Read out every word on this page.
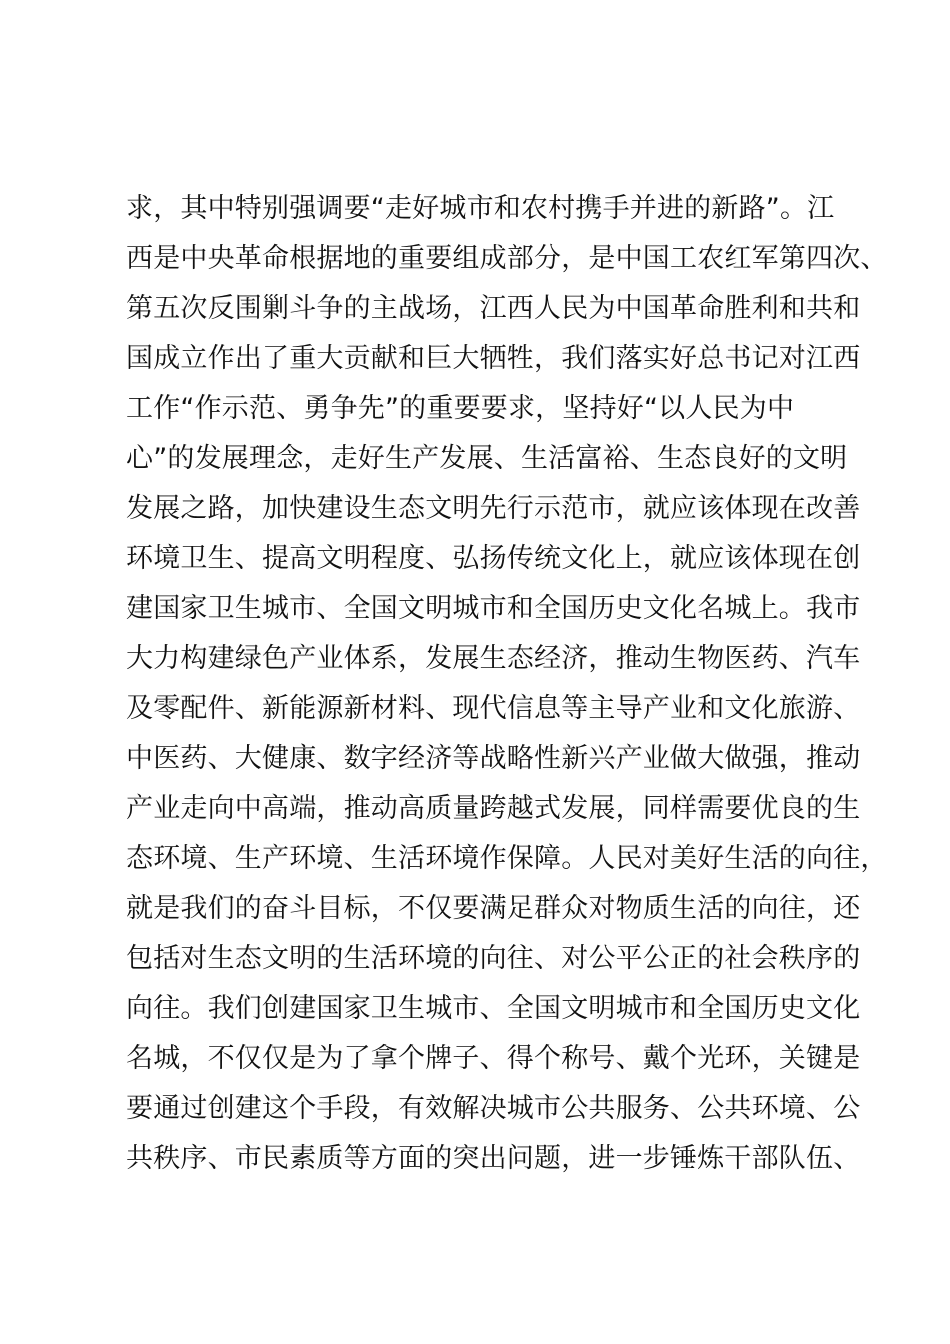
求，其中特别强调要“走好城市和农村携手并进的新路”。江
西是中央革命根据地的重要组成部分，是中国工农红军第四次、
第五次反围剿斗争的主战场，江西人民为中国革命胜利和共和
国成立作出了重大贡献和巨大牺牲，我们落实好总书记对江西
工作“作示范、勇争先”的重要要求，坚持好“以人民为中
心”的发展理念，走好生产发展、生活富裕、生态良好的文明
发展之路，加快建设生态文明先行示范市，就应该体现在改善
环境卫生、提高文明程度、弘扬传统文化上，就应该体现在创
建国家卫生城市、全国文明城市和全国历史文化名城上。我市
大力构建绿色产业体系，发展生态经济，推动生物医药、汽车
及零配件、新能源新材料、现代信息等主导产业和文化旅游、
中医药、大健康、数字经济等战略性新兴产业做大做强，推动
产业走向中高端，推动高质量跨越式发展，同样需要优良的生
态环境、生产环境、生活环境作保障。人民对美好生活的向往，
就是我们的奋斗目标，不仅要满足群众对物质生活的向往，还
包括对生态文明的生活环境的向往、对公平公正的社会秩序的
向往。我们创建国家卫生城市、全国文明城市和全国历史文化
名城，不仅仅是为了拿个牌子、得个称号、戴个光环，关键是
要通过创建这个手段，有效解决城市公共服务、公共环境、公
共秩序、市民素质等方面的突出问题，进一步锤炼干部队伍、
